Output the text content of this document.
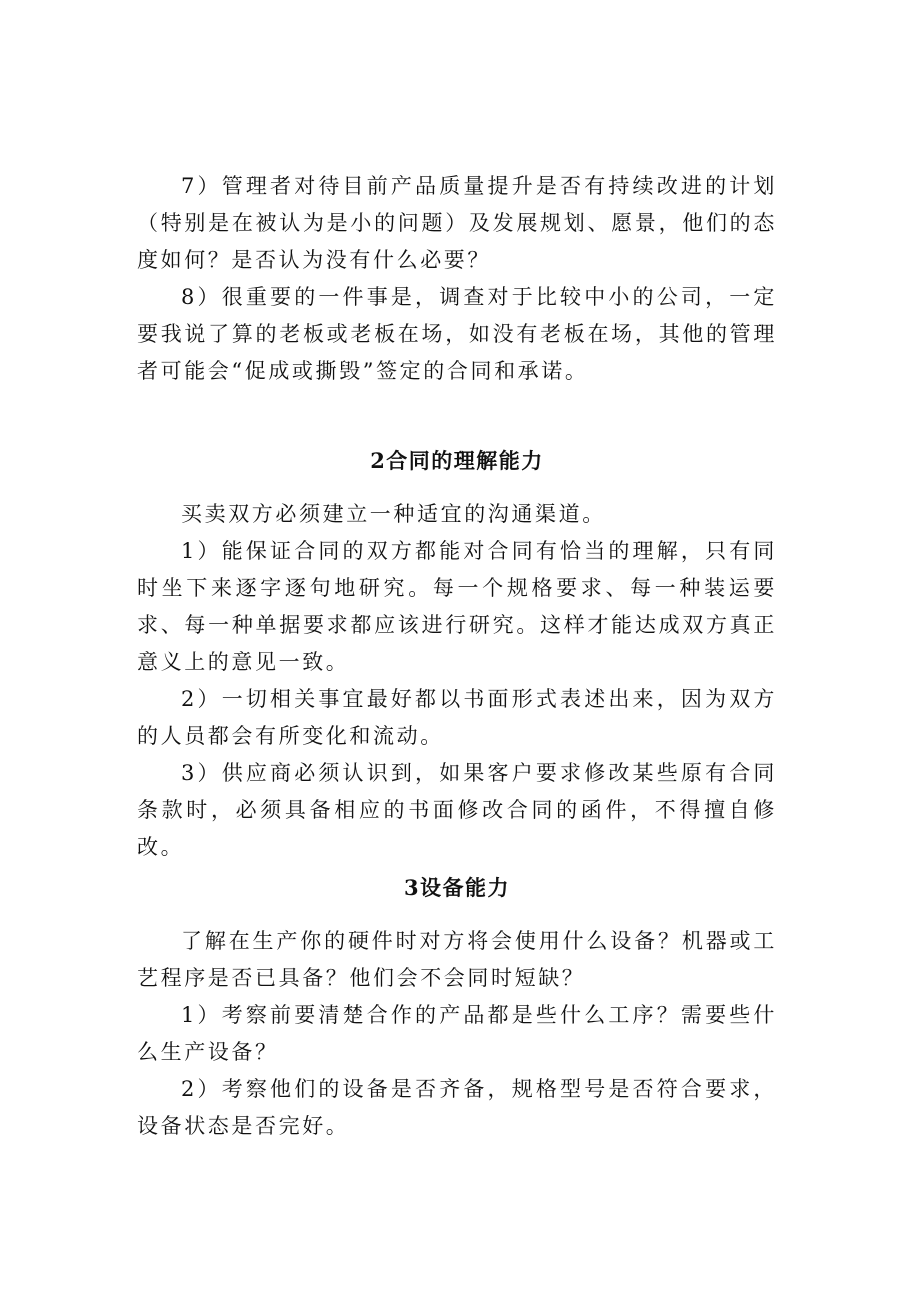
7）管理者对待目前产品质量提升是否有持续改进的计划（特别是在被认为是小的问题）及发展规划、愿景，他们的态度如何？是否认为没有什么必要？

8）很重要的一件事是，调查对于比较中小的公司，一定要我说了算的老板或老板在场，如没有老板在场，其他的管理者可能会“促成或撕毁”签定的合同和承诺。

2合同的理解能力

买卖双方必须建立一种适宜的沟通渠道。

1）能保证合同的双方都能对合同有恰当的理解，只有同时坐下来逐字逐句地研究。每一个规格要求、每一种装运要求、每一种单据要求都应该进行研究。这样才能达成双方真正意义上的意见一致。

2）一切相关事宜最好都以书面形式表述出来，因为双方的人员都会有所变化和流动。

3）供应商必须认识到，如果客户要求修改某些原有合同条款时，必须具备相应的书面修改合同的函件，不得擅自修改。

3设备能力

了解在生产你的硬件时对方将会使用什么设备？机器或工艺程序是否已具备？他们会不会同时短缺？

1）考察前要清楚合作的产品都是些什么工序？需要些什么生产设备？

2）考察他们的设备是否齐备，规格型号是否符合要求，设备状态是否完好。
